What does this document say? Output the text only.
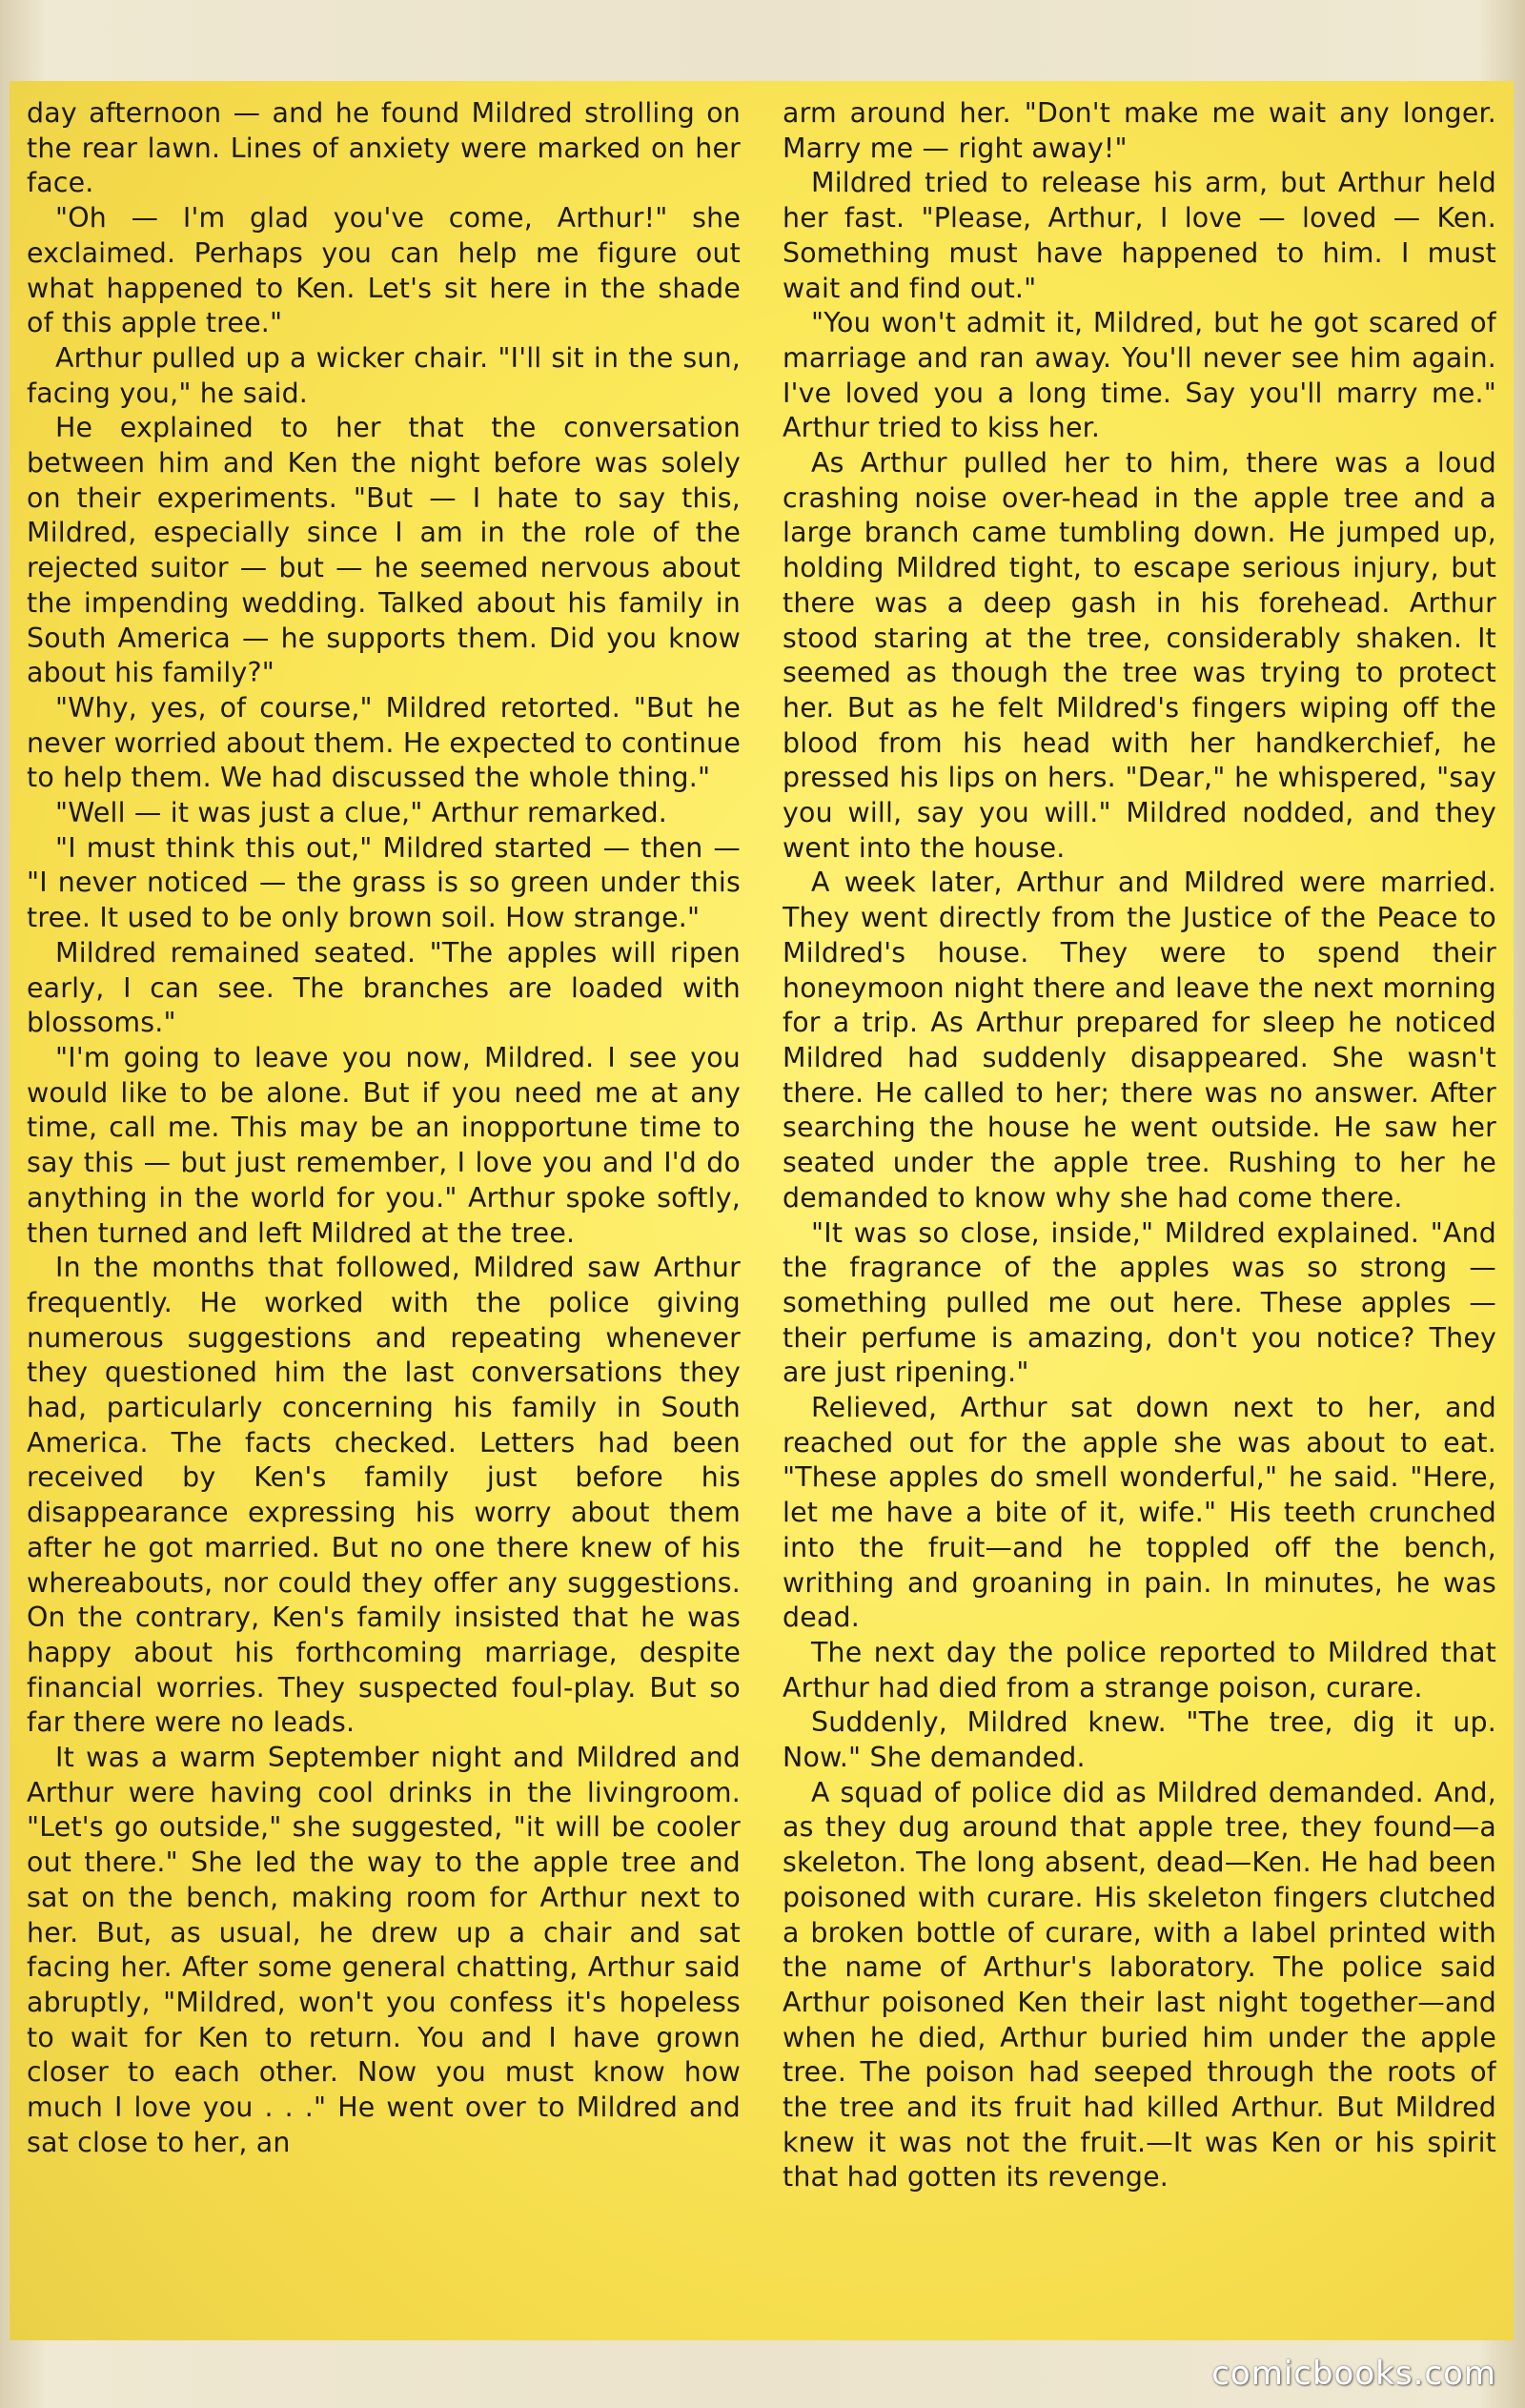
day afternoon — and he found Mildred strolling on the rear lawn. Lines of anxiety were marked on her face.

"Oh — I'm glad you've come, Arthur!" she exclaimed. Perhaps you can help me figure out what happened to Ken. Let's sit here in the shade of this apple tree."

Arthur pulled up a wicker chair. "I'll sit in the sun, facing you," he said.

He explained to her that the conversation between him and Ken the night before was solely on their experiments. "But — I hate to say this, Mildred, especially since I am in the role of the rejected suitor — but — he seemed nervous about the impending wedding. Talked about his family in South America — he supports them. Did you know about his family?"

"Why, yes, of course," Mildred retorted. "But he never worried about them. He expected to continue to help them. We had discussed the whole thing."

"Well — it was just a clue," Arthur remarked.

"I must think this out," Mildred started — then — "I never noticed — the grass is so green under this tree. It used to be only brown soil. How strange."

Mildred remained seated. "The apples will ripen early, I can see. The branches are loaded with blossoms."

"I'm going to leave you now, Mildred. I see you would like to be alone. But if you need me at any time, call me. This may be an inopportune time to say this — but just remember, I love you and I'd do anything in the world for you." Arthur spoke softly, then turned and left Mildred at the tree.

In the months that followed, Mildred saw Arthur frequently. He worked with the police giving numerous suggestions and repeating whenever they questioned him the last conversations they had, particularly concerning his family in South America. The facts checked. Letters had been received by Ken's family just before his disappearance expressing his worry about them after he got married. But no one there knew of his whereabouts, nor could they offer any suggestions. On the contrary, Ken's family insisted that he was happy about his forthcoming marriage, despite financial worries. They suspected foul-play. But so far there were no leads.

It was a warm September night and Mildred and Arthur were having cool drinks in the livingroom. "Let's go outside," she suggested, "it will be cooler out there." She led the way to the apple tree and sat on the bench, making room for Arthur next to her. But, as usual, he drew up a chair and sat facing her. After some general chatting, Arthur said abruptly, "Mildred, won't you confess it's hopeless to wait for Ken to return. You and I have grown closer to each other. Now you must know how much I love you . . ." He went over to Mildred and sat close to her, an

arm around her. "Don't make me wait any longer. Marry me — right away!"

Mildred tried to release his arm, but Arthur held her fast. "Please, Arthur, I love — loved — Ken. Something must have happened to him. I must wait and find out."

"You won't admit it, Mildred, but he got scared of marriage and ran away. You'll never see him again. I've loved you a long time. Say you'll marry me." Arthur tried to kiss her.

As Arthur pulled her to him, there was a loud crashing noise over-head in the apple tree and a large branch came tumbling down. He jumped up, holding Mildred tight, to escape serious injury, but there was a deep gash in his forehead. Arthur stood staring at the tree, considerably shaken. It seemed as though the tree was trying to protect her. But as he felt Mildred's fingers wiping off the blood from his head with her handkerchief, he pressed his lips on hers. "Dear," he whispered, "say you will, say you will." Mildred nodded, and they went into the house.

A week later, Arthur and Mildred were married. They went directly from the Justice of the Peace to Mildred's house. They were to spend their honeymoon night there and leave the next morning for a trip. As Arthur prepared for sleep he noticed Mildred had suddenly disappeared. She wasn't there. He called to her; there was no answer. After searching the house he went outside. He saw her seated under the apple tree. Rushing to her he demanded to know why she had come there.

"It was so close, inside," Mildred explained. "And the fragrance of the apples was so strong — something pulled me out here. These apples — their perfume is amazing, don't you notice? They are just ripening."

Relieved, Arthur sat down next to her, and reached out for the apple she was about to eat. "These apples do smell wonderful," he said. "Here, let me have a bite of it, wife." His teeth crunched into the fruit—and he toppled off the bench, writhing and groaning in pain. In minutes, he was dead.

The next day the police reported to Mildred that Arthur had died from a strange poison, curare.

Suddenly, Mildred knew. "The tree, dig it up. Now." She demanded.

A squad of police did as Mildred demanded. And, as they dug around that apple tree, they found—a skeleton. The long absent, dead—Ken. He had been poisoned with curare. His skeleton fingers clutched a broken bottle of curare, with a label printed with the name of Arthur's laboratory. The police said Arthur poisoned Ken their last night together—and when he died, Arthur buried him under the apple tree. The poison had seeped through the roots of the tree and its fruit had killed Arthur. But Mildred knew it was not the fruit.—It was Ken or his spirit that had gotten its revenge.

comicbooks.com
